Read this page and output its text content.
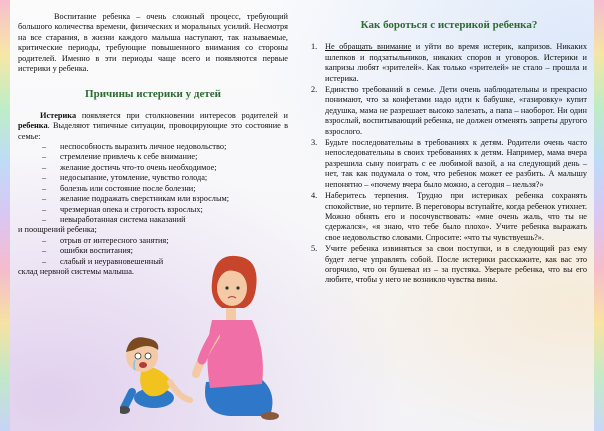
Воспитание ребенка – очень сложный процесс, требующий большого количества времени, физических и моральных усилий. Несмотря на все старания, в жизни каждого малыша наступают, так называемые, критические периоды, требующие повышенного внимания со стороны родителей. Именно в эти периоды чаще всего и появляются первые истерики у ребенка.

Причины истерики у детей

Истерика появляется при столкновении интересов родителей и ребенка. Выделяют типичные ситуации, провоцирующие это состояние в семье:

–	неспособность выразить личное недовольство;
–	стремление привлечь к себе внимание;
–	желание достичь что-то очень необходимое;
–	недосыпание, утомление, чувство голода;
–	болезнь или состояние после болезни;
–	желание подражать сверстникам или взрослым;
–	чрезмерная опека и строгость взрослых;
–	невыработанная система наказаний

и поощрений ребенка;

–	отрыв от интересного занятия;
–	ошибки воспитания;
–	слабый и неуравновешенный

склад нервной системы малыша.

Как бороться с истерикой ребенка?
1. Не обращать внимание и уйти во время истерик, капризов. Никаких шлепков и подзатыльников, никаких споров и уговоров. Истерики и капризы любят «зрителей». Как только «зрителей» не стало – прошла и истерика.
2. Единство требований в семье. Дети очень наблюдательны и прекрасно понимают, что за конфетами надо идти к бабушке, «газировку» купит дедушка, мама не разрешает высоко залезать, а папа – наоборот. Ни один взрослый, воспитывающий ребенка, не должен отменять запреты другого взрослого.
3. Будьте последовательны в требованиях к детям. Родители очень часто непоследовательны в своих требованиях к детям. Например, мама вчера разрешила сыну поиграть с ее любимой вазой, а на следующий день – нет, так как подумала о том, что ребенок может ее разбить. А малышу непонятно – «почему вчера было можно, а сегодня – нельзя?»
4. Наберитесь терпения. Трудно при истериках ребенка сохранять спокойствие, но терпите. В переговоры вступайте, когда ребенок утихнет. Можно обнять его и посочувствовать: «мне очень жаль, что ты не сдержался», «я знаю, что тебе было плохо». Учите ребенка выражать свое недовольство словами. Спросите: «что ты чувствуешь?».
5. Учите ребенка извиняться за свои поступки, и в следующий раз ему будет легче управлять собой. После истерики расскажите, как вас это огорчило, что он бушевал из – за пустяка. Уверьте ребенка, что вы его любите, чтобы у него не возникло чувства вины.
